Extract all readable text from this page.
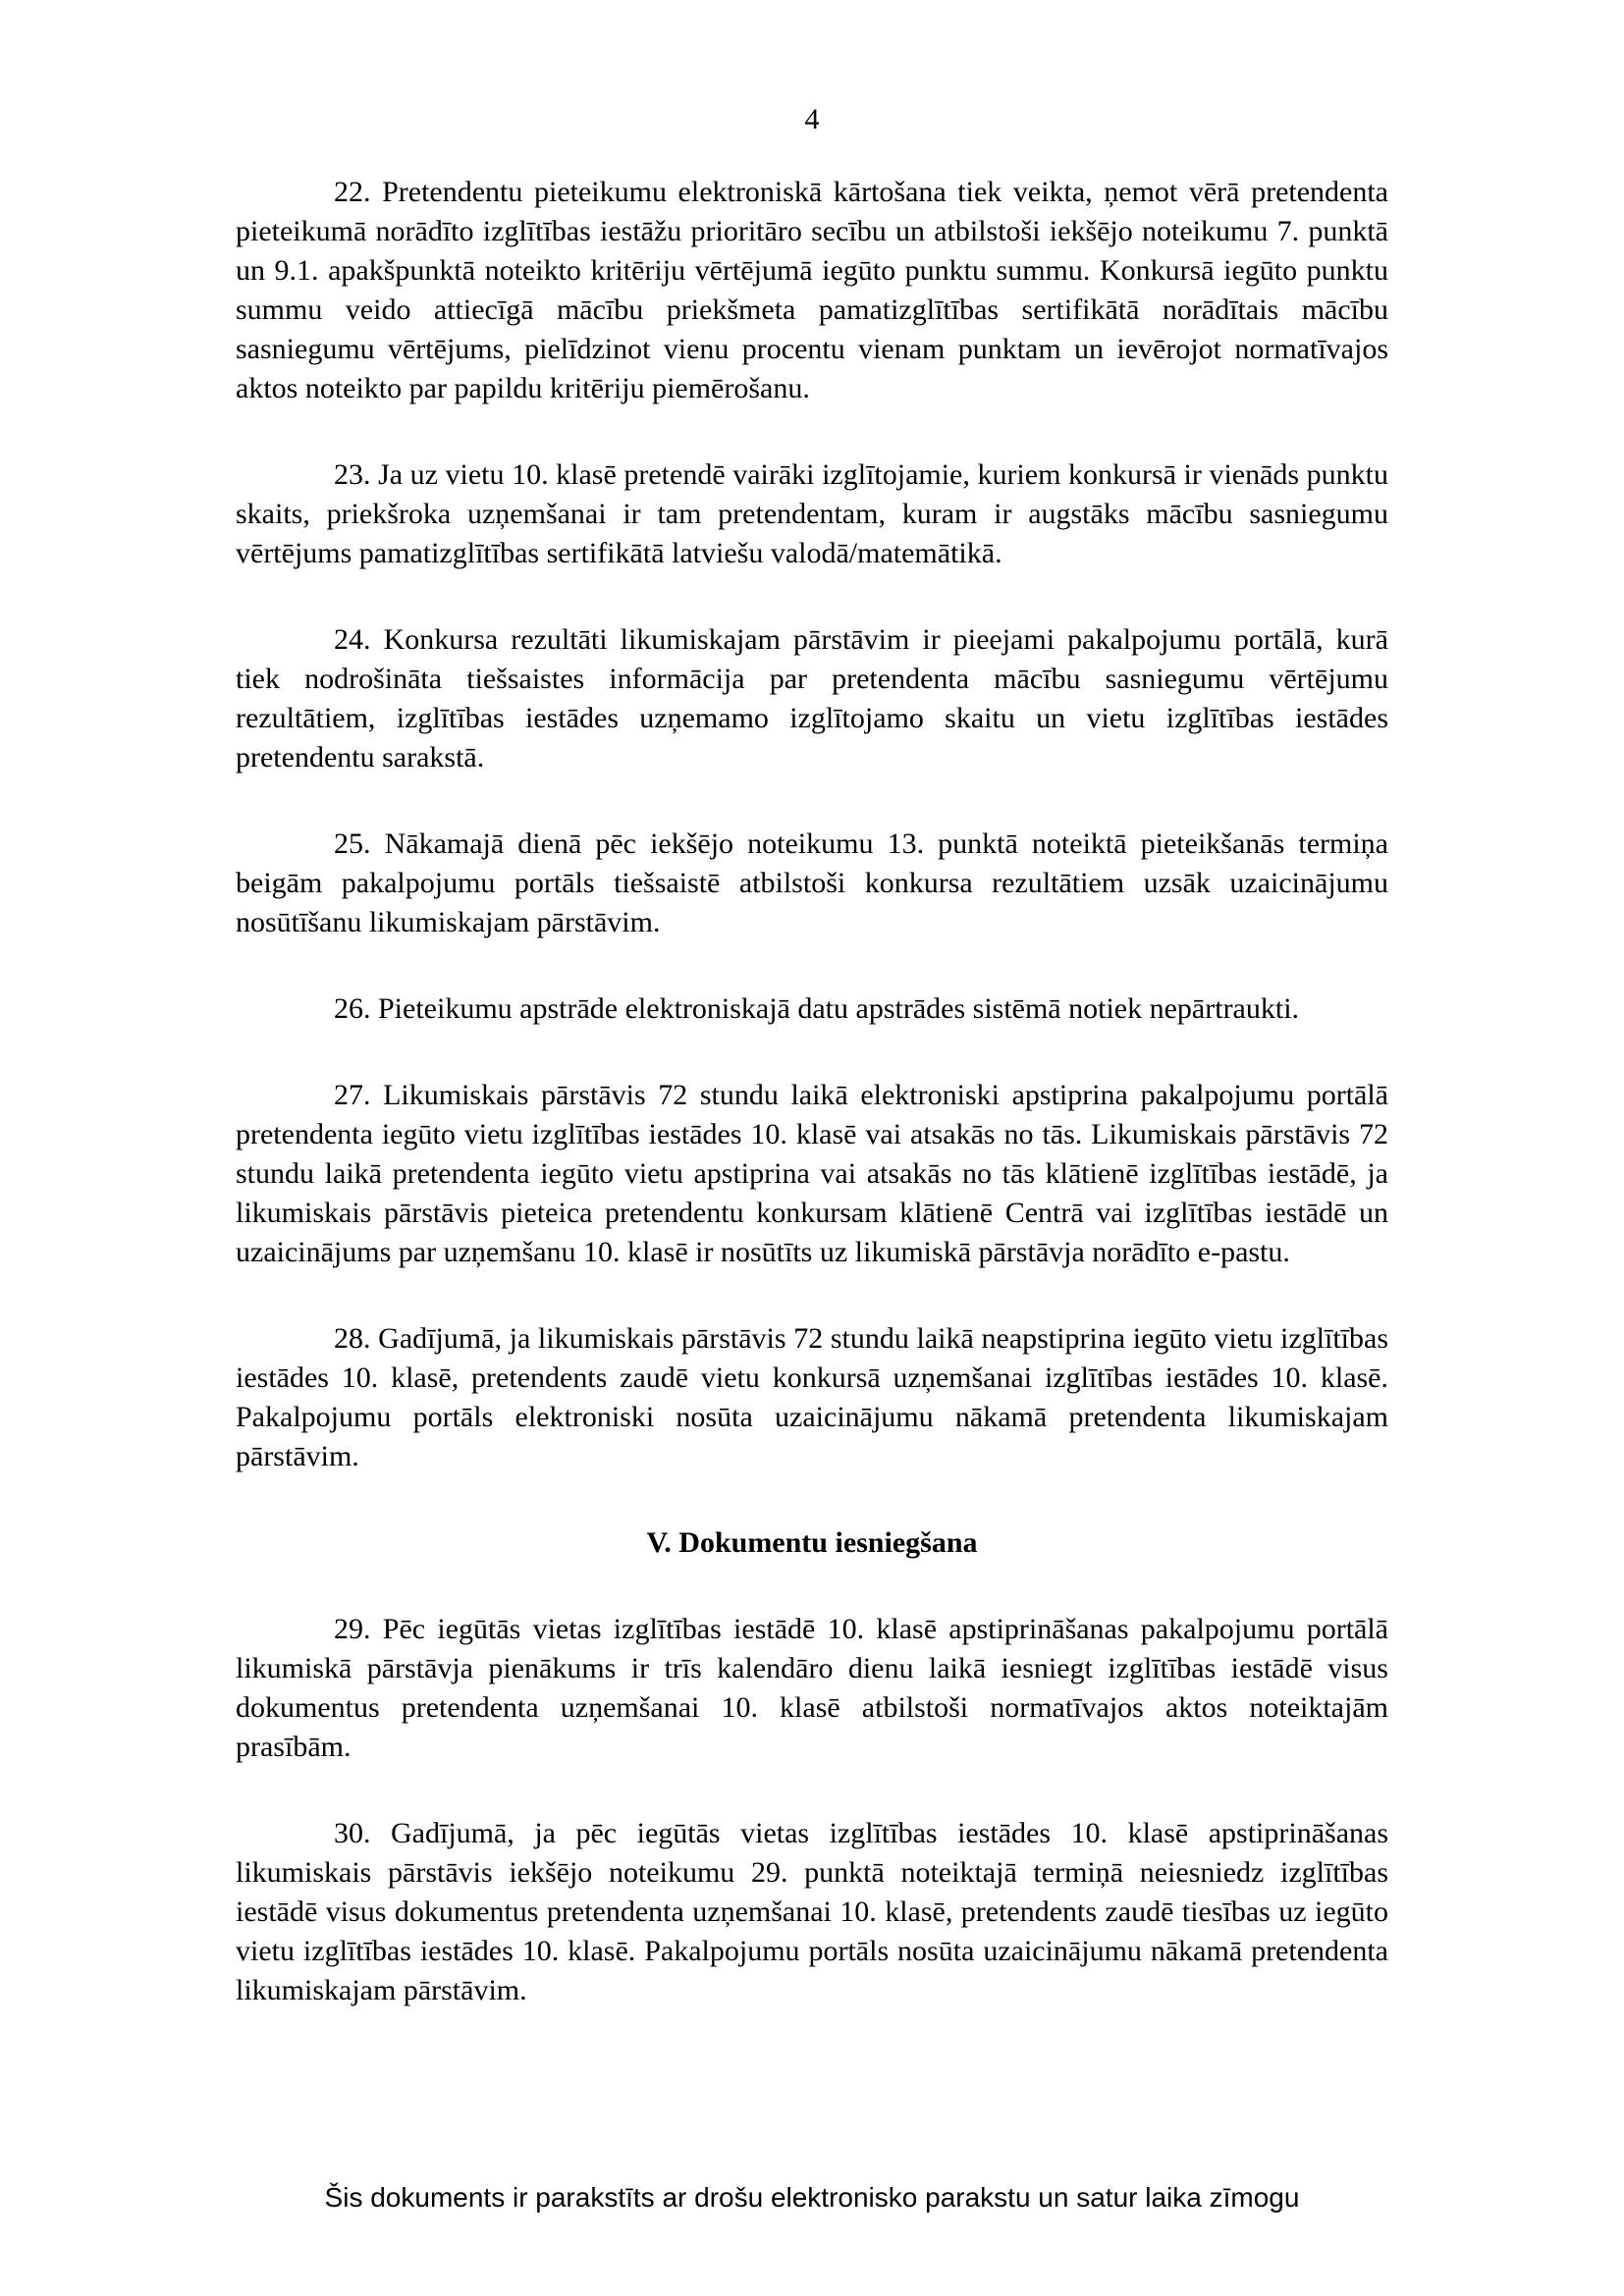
4

22. Pretendentu pieteikumu elektroniskā kārtošana tiek veikta, ņemot vērā pretendenta pieteikumā norādīto izglītības iestāžu prioritāro secību un atbilstoši iekšējo noteikumu 7. punktā un 9.1. apakšpunktā noteikto kritēriju vērtējumā iegūto punktu summu. Konkursā iegūto punktu summu veido attiecīgā mācību priekšmeta pamatizglītības sertifikātā norādītais mācību sasniegumu vērtējums, pielīdzinot vienu procentu vienam punktam un ievērojot normatīvajos aktos noteikto par papildu kritēriju piemērošanu.

23. Ja uz vietu 10. klasē pretendē vairāki izglītojamie, kuriem konkursā ir vienāds punktu skaits, priekšroka uzņemšanai ir tam pretendentam, kuram ir augstāks mācību sasniegumu vērtējums pamatizglītības sertifikātā latviešu valodā/matemātikā.

24. Konkursa rezultāti likumiskajam pārstāvim ir pieejami pakalpojumu portālā, kurā tiek nodrošināta tiešsaistes informācija par pretendenta mācību sasniegumu vērtējumu rezultātiem, izglītības iestādes uzņemamo izglītojamo skaitu un vietu izglītības iestādes pretendentu sarakstā.

25. Nākamajā dienā pēc iekšējo noteikumu 13. punktā noteiktā pieteikšanās termiņa beigām pakalpojumu portāls tiešsaistē atbilstoši konkursa rezultātiem uzsāk uzaicinājumu nosūtīšanu likumiskajam pārstāvim.

26. Pieteikumu apstrāde elektroniskajā datu apstrādes sistēmā notiek nepārtraukti.

27. Likumiskais pārstāvis 72 stundu laikā elektroniski apstiprina pakalpojumu portālā pretendenta iegūto vietu izglītības iestādes 10. klasē vai atsakās no tās. Likumiskais pārstāvis 72 stundu laikā pretendenta iegūto vietu apstiprina vai atsakās no tās klātienē izglītības iestādē, ja likumiskais pārstāvis pieteica pretendentu konkursam klātienē Centrā vai izglītības iestādē un uzaicinājums par uzņemšanu 10. klasē ir nosūtīts uz likumiskā pārstāvja norādīto e-pastu.

28. Gadījumā, ja likumiskais pārstāvis 72 stundu laikā neapstiprina iegūto vietu izglītības iestādes 10. klasē, pretendents zaudē vietu konkursā uzņemšanai izglītības iestādes 10. klasē. Pakalpojumu portāls elektroniski nosūta uzaicinājumu nākamā pretendenta likumiskajam pārstāvim.

V. Dokumentu iesniegšana

29. Pēc iegūtās vietas izglītības iestādē 10. klasē apstiprināšanas pakalpojumu portālā likumiskā pārstāvja pienākums ir trīs kalendāro dienu laikā iesniegt izglītības iestādē visus dokumentus pretendenta uzņemšanai 10. klasē atbilstoši normatīvajos aktos noteiktajām prasībām.

30. Gadījumā, ja pēc iegūtās vietas izglītības iestādes 10. klasē apstiprināšanas likumiskais pārstāvis iekšējo noteikumu 29. punktā noteiktajā termiņā neiesniedz izglītības iestādē visus dokumentus pretendenta uzņemšanai 10. klasē, pretendents zaudē tiesības uz iegūto vietu izglītības iestādes 10. klasē. Pakalpojumu portāls nosūta uzaicinājumu nākamā pretendenta likumiskajam pārstāvim.

Šis dokuments ir parakstīts ar drošu elektronisko parakstu un satur laika zīmogu
